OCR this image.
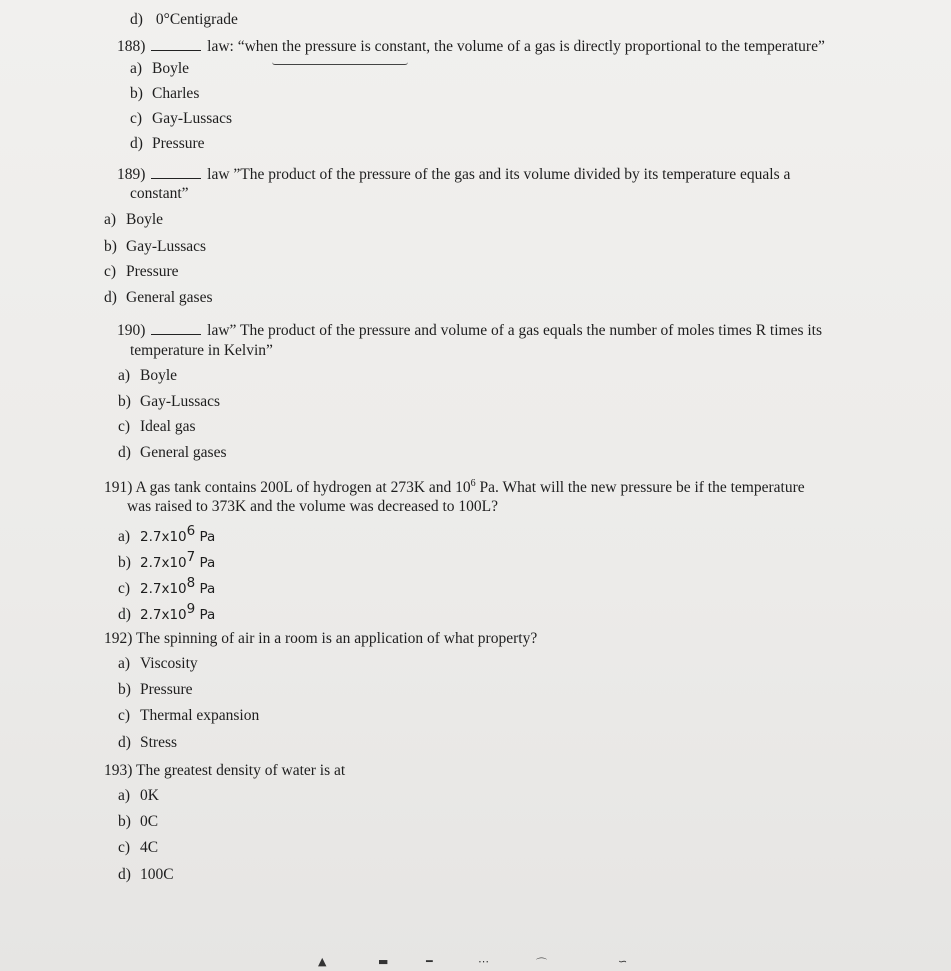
d) 0°Centigrade
188)	law: “when the pressure is constant, the volume of a gas is directly proportional to the temperature”
a) Boyle
b) Charles
c) Gay-Lussacs
d) Pressure
189)	law ”The product of the pressure of the gas and its volume divided by its temperature equals a
constant”
a) Boyle
b) Gay-Lussacs
c) Pressure
d) General gases
190)	law” The product of the pressure and volume of a gas equals the number of moles times R times its
temperature in Kelvin”
a) Boyle
b) Gay-Lussacs
c) Ideal gas
d) General gases
191) A gas tank contains 200L of hydrogen at 273K and $10^6$ Pa. What will the new pressure be if the temperature
was raised to 373K and the volume was decreased to 100L?
a) 2.7x106 Pa
b) 2.7x107 Pa
c) 2.7x108 Pa
d) 2.7x109 Pa
192) The spinning of air in a room is an application of what property?
a) Viscosity
b) Pressure
c) Thermal expansion
d) Stress
193) The greatest density of water is at
a) 0K
b) 0C
c) 4C
d) 100C
▲	▬	━	⋯	⌒	∽
